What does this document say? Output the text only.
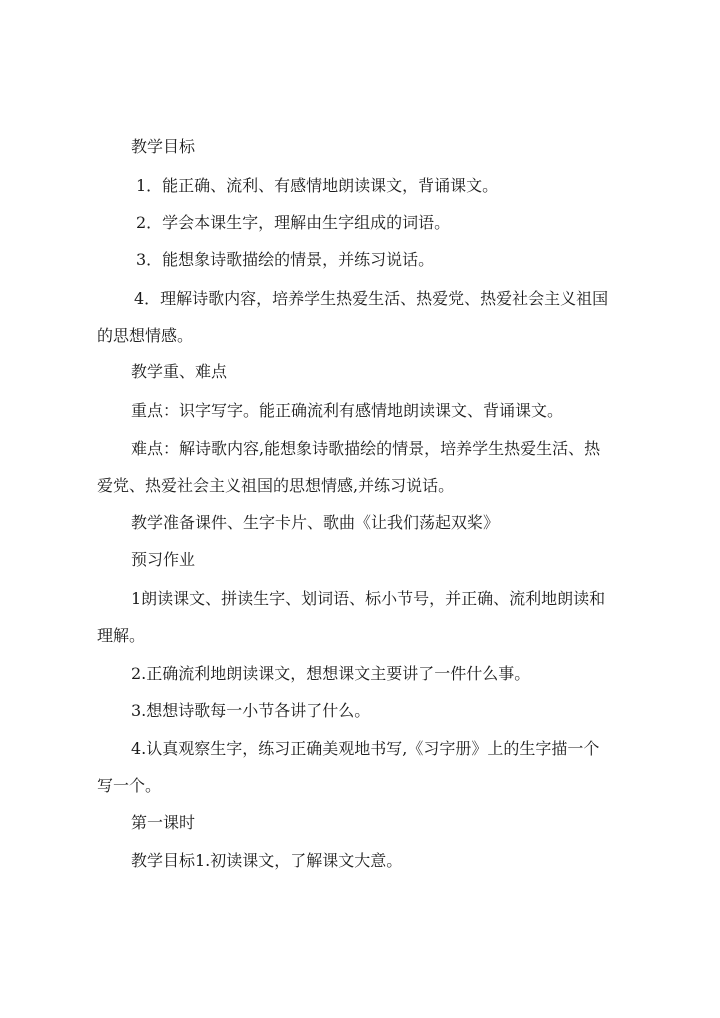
教学目标
1．能正确、流利、有感情地朗读课文，背诵课文。
2．学会本课生字，理解由生字组成的词语。
3．能想象诗歌描绘的情景，并练习说话。
4．理解诗歌内容，培养学生热爱生活、热爱党、热爱社会主义祖国
的思想情感。
教学重、难点
重点：识字写字。能正确流利有感情地朗读课文、背诵课文。
难点：解诗歌内容,能想象诗歌描绘的情景，培养学生热爱生活、热
爱党、热爱社会主义祖国的思想情感,并练习说话。
教学准备课件、生字卡片、歌曲《让我们荡起双桨》
预习作业
1朗读课文、拼读生字、划词语、标小节号，并正确、流利地朗读和
理解。
2.正确流利地朗读课文，想想课文主要讲了一件什么事。
3.想想诗歌每一小节各讲了什么。
4.认真观察生字，练习正确美观地书写,《习字册》上的生字描一个
写一个。
第一课时
教学目标1.初读课文，了解课文大意。
